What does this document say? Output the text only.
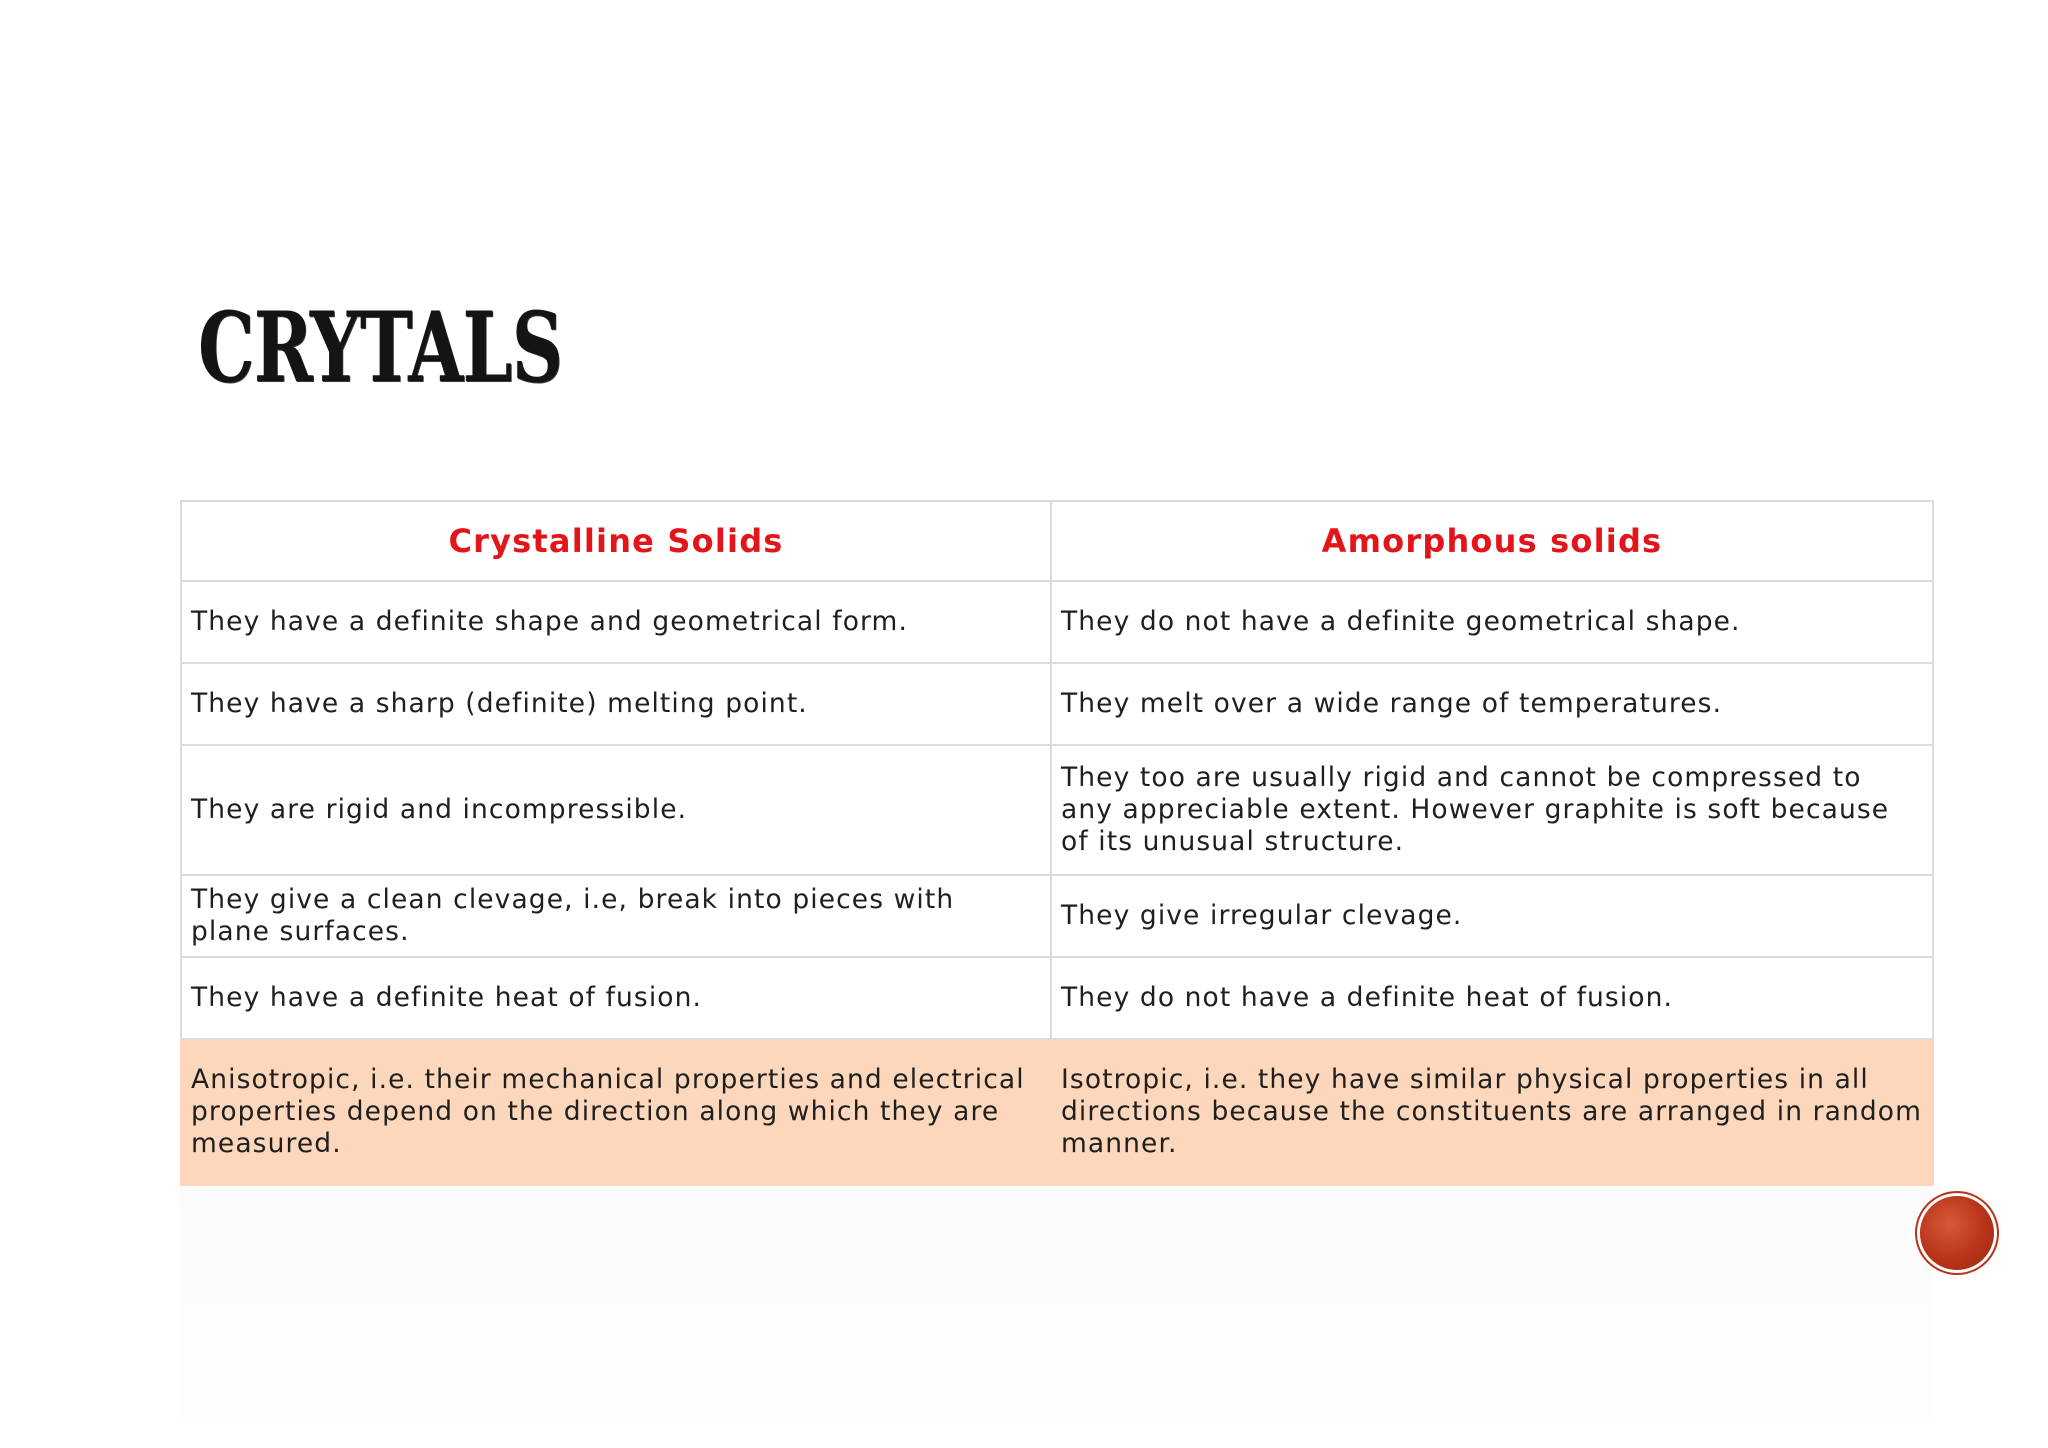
CRYTALS
Crystalline Solids	Amorphous solids
They have a definite shape and geometrical form.	They do not have a definite geometrical shape.
They have a sharp (definite) melting point.	They melt over a wide range of temperatures.
They are rigid and incompressible.	They too are usually rigid and cannot be compressed to any appreciable extent. However graphite is soft because of its unusual structure.
They give a clean clevage, i.e, break into pieces with plane surfaces.	They give irregular clevage.
They have a definite heat of fusion.	They do not have a definite heat of fusion.
Anisotropic, i.e. their mechanical properties and electrical properties depend on the direction along which they are measured.	Isotropic, i.e. they have similar physical properties in all directions because the constituents are arranged in random manner.
